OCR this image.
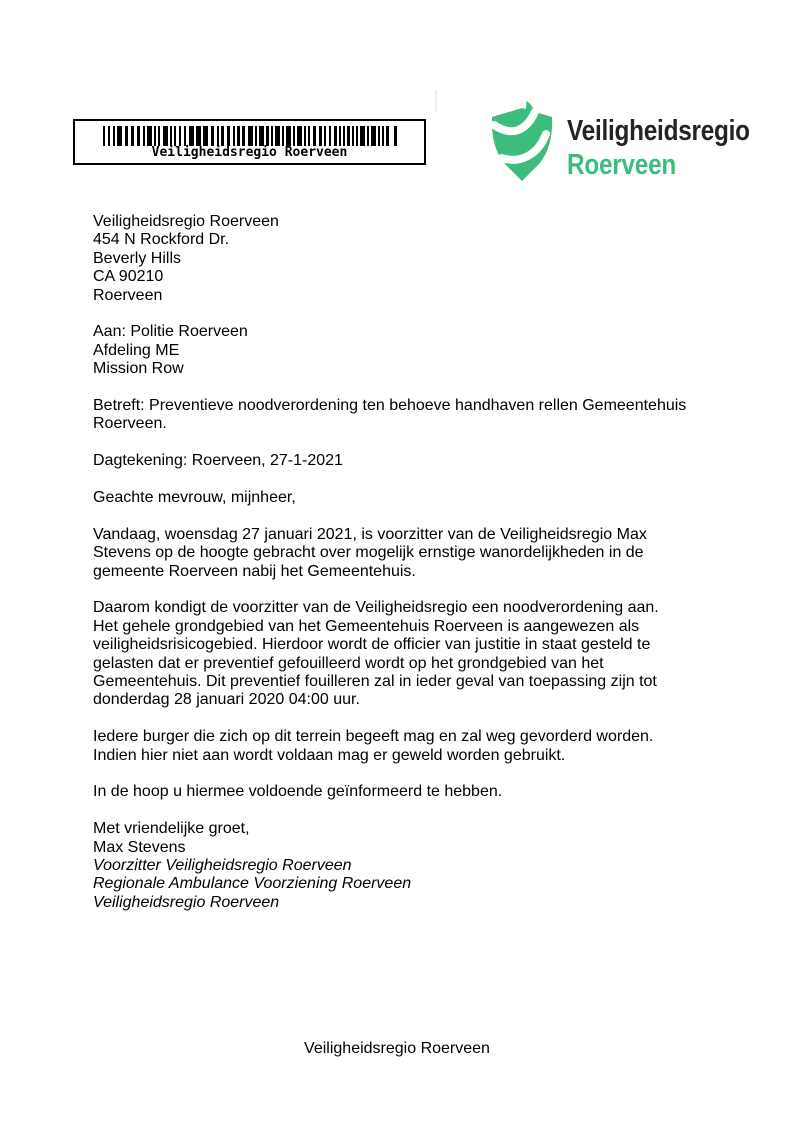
Veiligheidsregio Roerveen
Veiligheidsregio
Roerveen
Veiligheidsregio Roerveen
454 N Rockford Dr.
Beverly Hills
CA 90210
Roerveen
Aan: Politie Roerveen
Afdeling ME
Mission Row

Betreft: Preventieve noodverordening ten behoeve handhaven rellen Gemeentehuis Roerveen.

Dagtekening: Roerveen, 27-1-2021

Geachte mevrouw, mijnheer,

Vandaag, woensdag 27 januari 2021, is voorzitter van de Veiligheidsregio Max Stevens op de hoogte gebracht over mogelijk ernstige wanordelijkheden in de gemeente Roerveen nabij het Gemeentehuis.

Daarom kondigt de voorzitter van de Veiligheidsregio een noodverordening aan. Het gehele grondgebied van het Gemeentehuis Roerveen is aangewezen als veiligheidsrisicogebied. Hierdoor wordt de officier van justitie in staat gesteld te gelasten dat er preventief gefouilleerd wordt op het grondgebied van het Gemeentehuis. Dit preventief fouilleren zal in ieder geval van toepassing zijn tot donderdag 28 januari 2020 04:00 uur.

Iedere burger die zich op dit terrein begeeft mag en zal weg gevorderd worden. Indien hier niet aan wordt voldaan mag er geweld worden gebruikt.

In de hoop u hiermee voldoende geïnformeerd te hebben.

Met vriendelijke groet,
Max Stevens
Voorzitter Veiligheidsregio Roerveen
Regionale Ambulance Voorziening Roerveen
Veiligheidsregio Roerveen
Veiligheidsregio Roerveen
